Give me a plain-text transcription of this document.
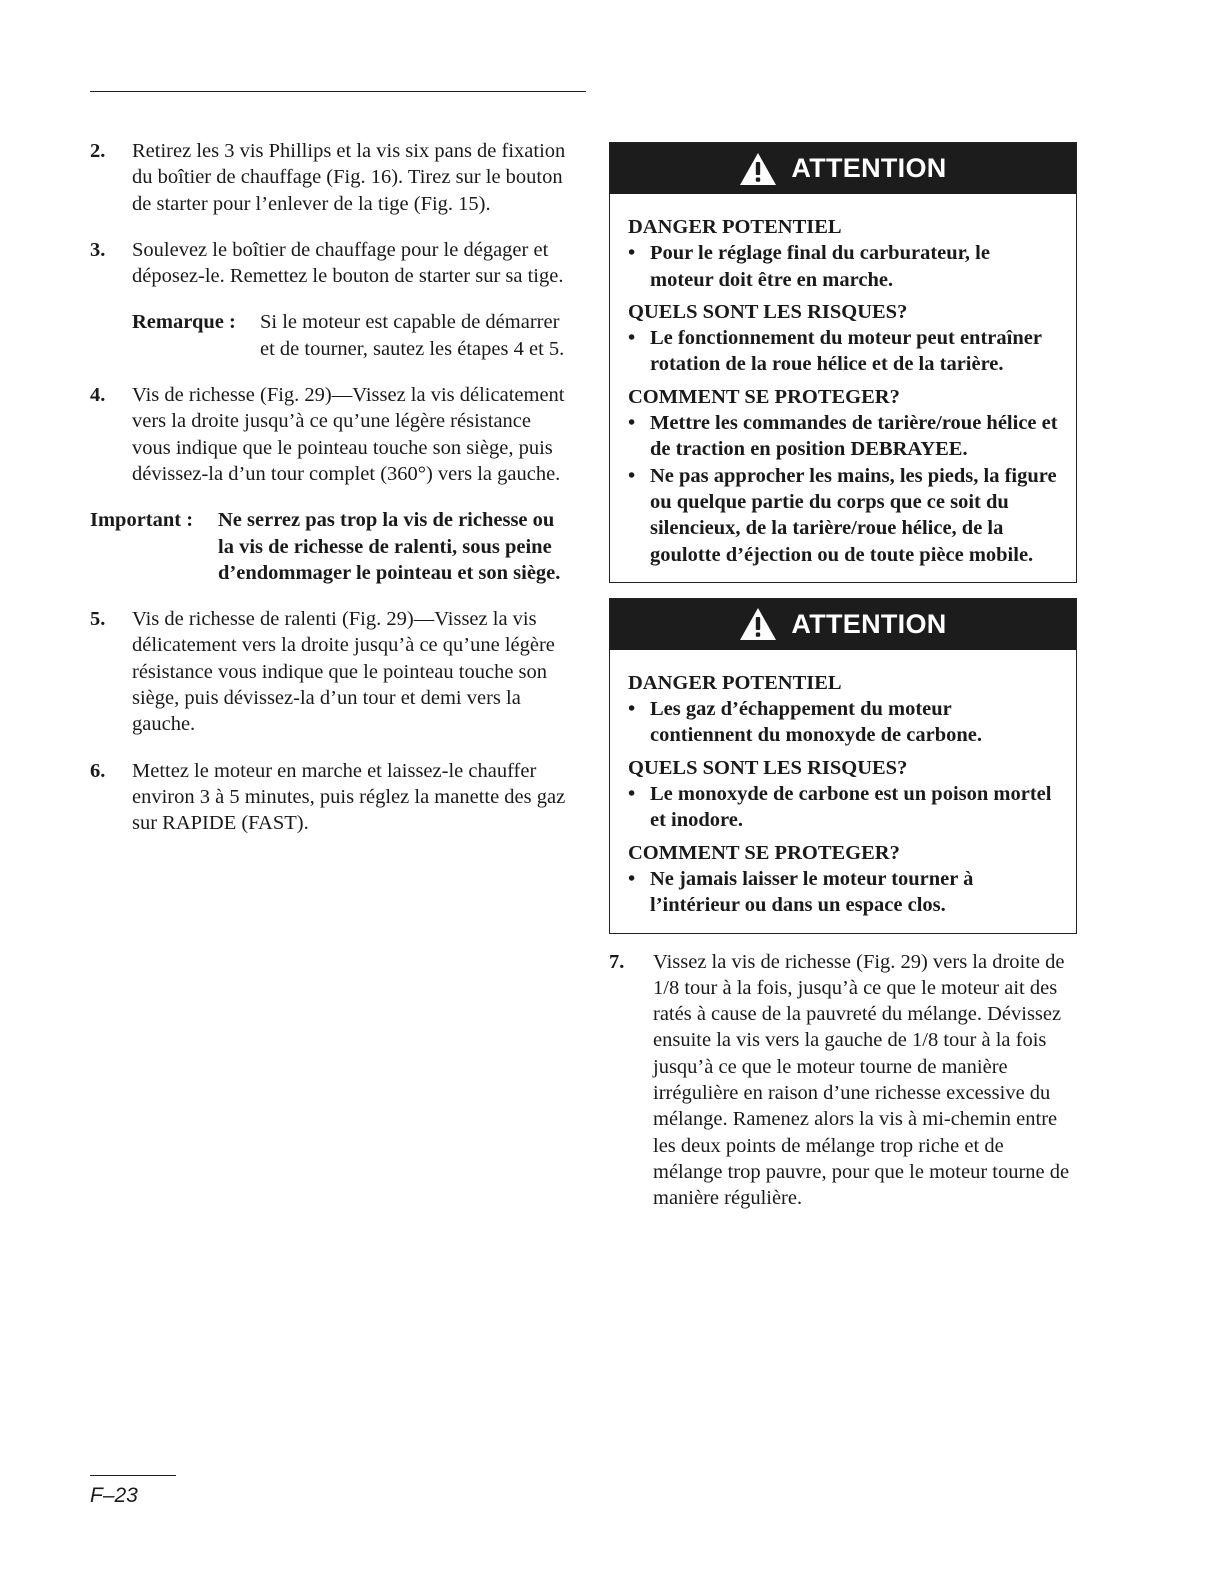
2.	Retirez les 3 vis Phillips et la vis six pans de fixation du boîtier de chauffage (Fig. 16). Tirez sur le bouton de starter pour l’enlever de la tige (Fig. 15).
3.	Soulevez le boîtier de chauffage pour le dégager et déposez-le. Remettez le bouton de starter sur sa tige.
Remarque :	Si le moteur est capable de démarrer et de tourner, sautez les étapes 4 et 5.
4.	Vis de richesse (Fig. 29)—Vissez la vis délicatement vers la droite jusqu’à ce qu’une légère résistance vous indique que le pointeau touche son siège, puis dévissez-la d’un tour complet (360°) vers la gauche.
Important :	Ne serrez pas trop la vis de richesse ou la vis de richesse de ralenti, sous peine d’endommager le pointeau et son siège.
5.	Vis de richesse de ralenti (Fig. 29)—Vissez la vis délicatement vers la droite jusqu’à ce qu’une légère résistance vous indique que le pointeau touche son siège, puis dévissez-la d’un tour et demi vers la gauche.
6.	Mettez le moteur en marche et laissez-le chauffer environ 3 à 5 minutes, puis réglez la manette des gaz sur RAPIDE (FAST).
ATTENTION
DANGER POTENTIEL
• Pour le réglage final du carburateur, le moteur doit être en marche.
QUELS SONT LES RISQUES?
• Le fonctionnement du moteur peut entraîner rotation de la roue hélice et de la tarière.
COMMENT SE PROTEGER?
• Mettre les commandes de tarière/roue hélice et de traction en position DEBRAYEE.
• Ne pas approcher les mains, les pieds, la figure ou quelque partie du corps que ce soit du silencieux, de la tarière/roue hélice, de la goulotte d’éjection ou de toute pièce mobile.
ATTENTION
DANGER POTENTIEL
• Les gaz d’échappement du moteur contiennent du monoxyde de carbone.
QUELS SONT LES RISQUES?
• Le monoxyde de carbone est un poison mortel et inodore.
COMMENT SE PROTEGER?
• Ne jamais laisser le moteur tourner à l’intérieur ou dans un espace clos.
7.	Vissez la vis de richesse (Fig. 29) vers la droite de 1/8 tour à la fois, jusqu’à ce que le moteur ait des ratés à cause de la pauvreté du mélange. Dévissez ensuite la vis vers la gauche de 1/8 tour à la fois jusqu’à ce que le moteur tourne de manière irrégulière en raison d’une richesse excessive du mélange. Ramenez alors la vis à mi-chemin entre les deux points de mélange trop riche et de mélange trop pauvre, pour que le moteur tourne de manière régulière.
F–23
